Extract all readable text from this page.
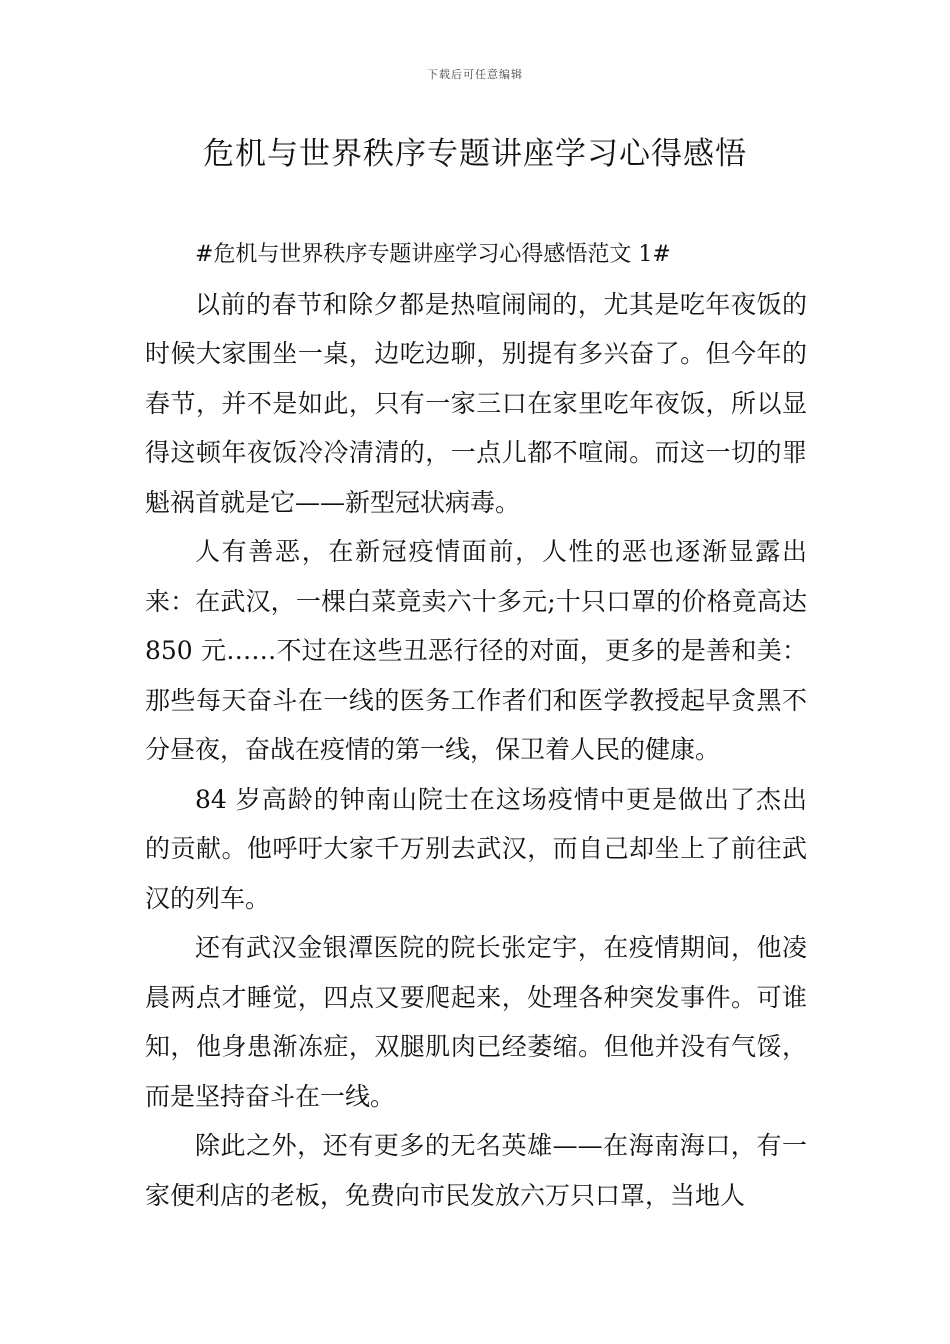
下载后可任意编辑
危机与世界秩序专题讲座学习心得感悟

#危机与世界秩序专题讲座学习心得感悟范文 1#

以前的春节和除夕都是热喧闹闹的，尤其是吃年夜饭的时候大家围坐一桌，边吃边聊，别提有多兴奋了。但今年的春节，并不是如此，只有一家三口在家里吃年夜饭，所以显得这顿年夜饭冷冷清清的，一点儿都不喧闹。而这一切的罪魁祸首就是它——新型冠状病毒。

人有善恶，在新冠疫情面前，人性的恶也逐渐显露出来：在武汉，一棵白菜竟卖六十多元;十只口罩的价格竟高达 850 元……不过在这些丑恶行径的对面，更多的是善和美：那些每天奋斗在一线的医务工作者们和医学教授起早贪黑不分昼夜，奋战在疫情的第一线，保卫着人民的健康。

84 岁高龄的钟南山院士在这场疫情中更是做出了杰出的贡献。他呼吁大家千万别去武汉，而自己却坐上了前往武汉的列车。

还有武汉金银潭医院的院长张定宇，在疫情期间，他凌晨两点才睡觉，四点又要爬起来，处理各种突发事件。可谁知，他身患渐冻症，双腿肌肉已经萎缩。但他并没有气馁，而是坚持奋斗在一线。

除此之外，还有更多的无名英雄——在海南海口，有一家便利店的老板，免费向市民发放六万只口罩，当地人
